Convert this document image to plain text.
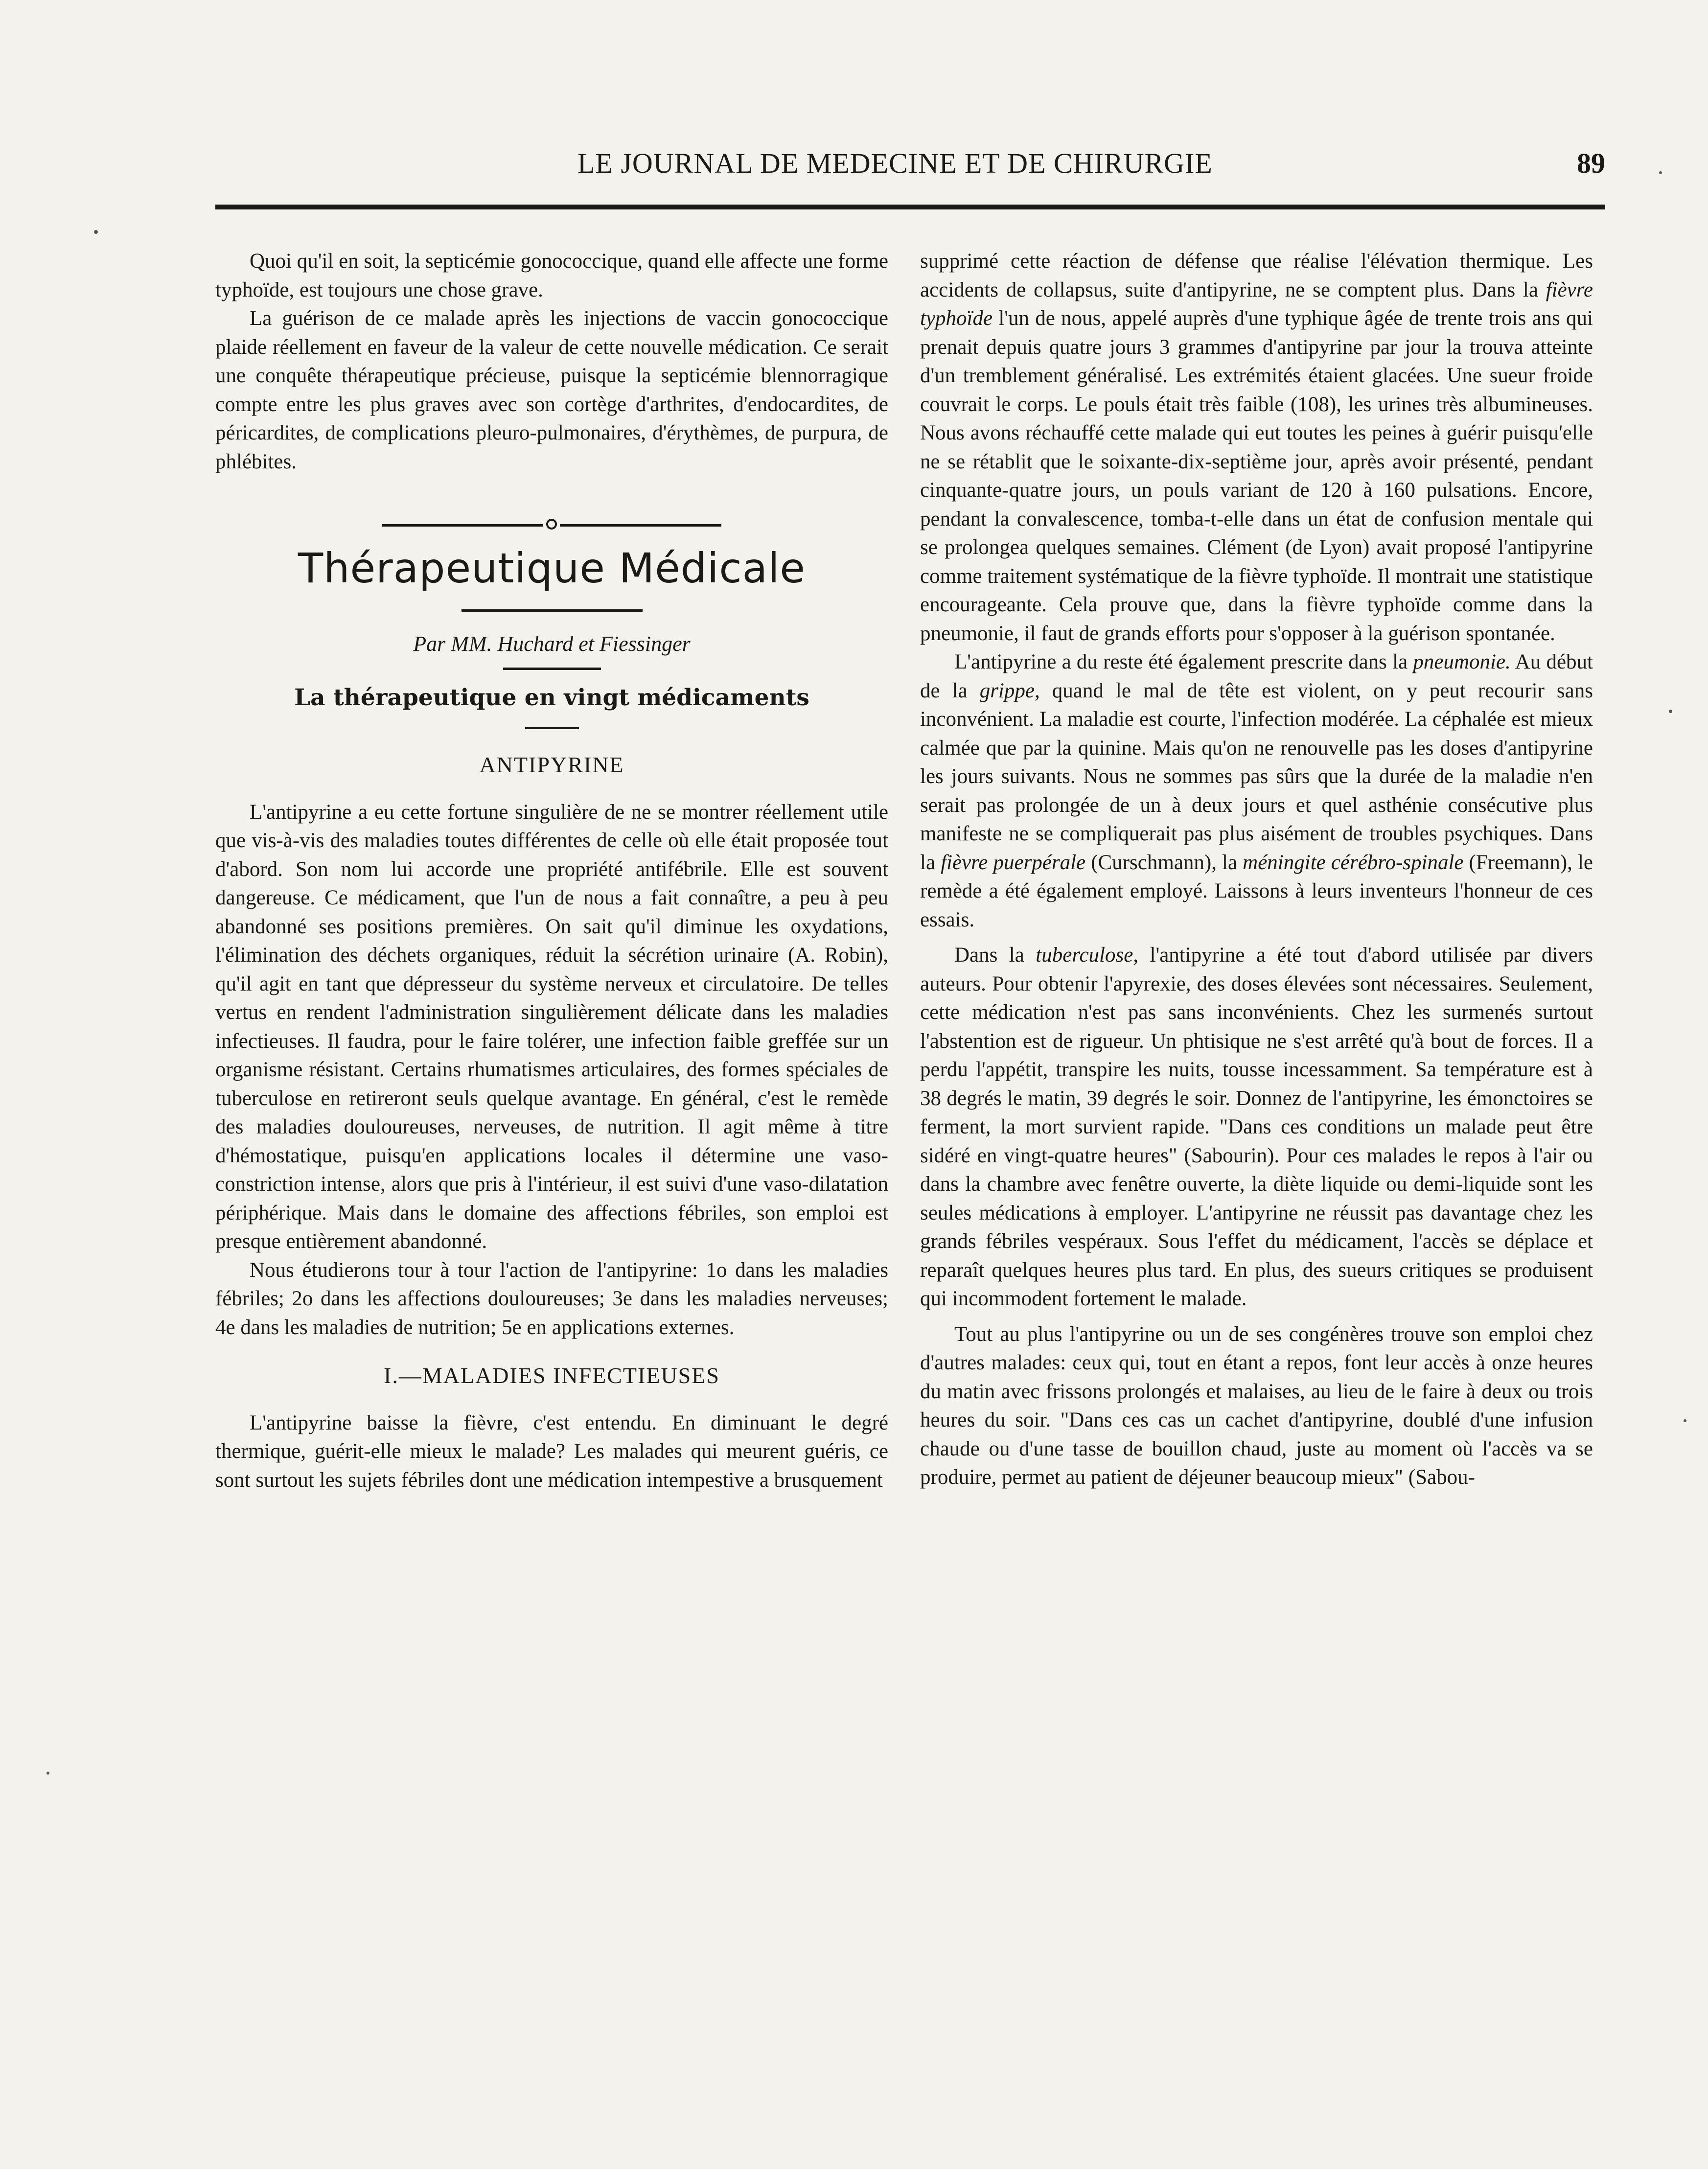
LE JOURNAL DE MEDECINE ET DE CHIRURGIE	89

Quoi qu'il en soit, la septicémie gonococcique, quand elle affecte une forme typhoïde, est toujours une chose grave.

La guérison de ce malade après les injections de vaccin gonococcique plaide réellement en faveur de la valeur de cette nouvelle médication. Ce serait une conquête thérapeutique précieuse, puisque la septicémie blennorragique compte entre les plus graves avec son cortège d'arthrites, d'endocardites, de péricardites, de complications pleuro-pulmonaires, d'érythèmes, de purpura, de phlébites.

Thérapeutique Médicale
Par MM. Huchard et Fiessinger
La thérapeutique en vingt médicaments
ANTIPYRINE

L'antipyrine a eu cette fortune singulière de ne se montrer réellement utile que vis-à-vis des maladies toutes différentes de celle où elle était proposée tout d'abord. Son nom lui accorde une propriété antifébrile. Elle est souvent dangereuse. Ce médicament, que l'un de nous a fait connaître, a peu à peu abandonné ses positions premières. On sait qu'il diminue les oxydations, l'élimination des déchets organiques, réduit la sécrétion urinaire (A. Robin), qu'il agit en tant que dépresseur du système nerveux et circulatoire. De telles vertus en rendent l'administration singulièrement délicate dans les maladies infectieuses. Il faudra, pour le faire tolérer, une infection faible greffée sur un organisme résistant. Certains rhumatismes articulaires, des formes spéciales de tuberculose en retireront seuls quelque avantage. En général, c'est le remède des maladies douloureuses, nerveuses, de nutrition. Il agit même à titre d'hémostatique, puisqu'en applications locales il détermine une vaso-constriction intense, alors que pris à l'intérieur, il est suivi d'une vaso-dilatation périphérique. Mais dans le domaine des affections fébriles, son emploi est presque entièrement abandonné.

Nous étudierons tour à tour l'action de l'antipyrine: 1o dans les maladies fébriles; 2o dans les affections douloureuses; 3e dans les maladies nerveuses; 4e dans les maladies de nutrition; 5e en applications externes.

I.—MALADIES INFECTIEUSES

L'antipyrine baisse la fièvre, c'est entendu. En diminuant le degré thermique, guérit-elle mieux le malade? Les malades qui meurent guéris, ce sont surtout les sujets fébriles dont une médication intempestive a brusquement

supprimé cette réaction de défense que réalise l'élévation thermique. Les accidents de collapsus, suite d'antipyrine, ne se comptent plus. Dans la fièvre typhoïde l'un de nous, appelé auprès d'une typhique âgée de trente trois ans qui prenait depuis quatre jours 3 grammes d'antipyrine par jour la trouva atteinte d'un tremblement généralisé. Les extrémités étaient glacées. Une sueur froide couvrait le corps. Le pouls était très faible (108), les urines très albumineuses. Nous avons réchauffé cette malade qui eut toutes les peines à guérir puisqu'elle ne se rétablit que le soixante-dix-septième jour, après avoir présenté, pendant cinquante-quatre jours, un pouls variant de 120 à 160 pulsations. Encore, pendant la convalescence, tomba-t-elle dans un état de confusion mentale qui se prolongea quelques semaines. Clément (de Lyon) avait proposé l'antipyrine comme traitement systématique de la fièvre typhoïde. Il montrait une statistique encourageante. Cela prouve que, dans la fièvre typhoïde comme dans la pneumonie, il faut de grands efforts pour s'opposer à la guérison spontanée.

L'antipyrine a du reste été également prescrite dans la pneumonie. Au début de la grippe, quand le mal de tête est violent, on y peut recourir sans inconvénient. La maladie est courte, l'infection modérée. La céphalée est mieux calmée que par la quinine. Mais qu'on ne renouvelle pas les doses d'antipyrine les jours suivants. Nous ne sommes pas sûrs que la durée de la maladie n'en serait pas prolongée de un à deux jours et quel asthénie consécutive plus manifeste ne se compliquerait pas plus aisément de troubles psychiques. Dans la fièvre puerpérale (Curschmann), la méningite cérébro-spinale (Freemann), le remède a été également employé. Laissons à leurs inventeurs l'honneur de ces essais.

Dans la tuberculose, l'antipyrine a été tout d'abord utilisée par divers auteurs. Pour obtenir l'apyrexie, des doses élevées sont nécessaires. Seulement, cette médication n'est pas sans inconvénients. Chez les surmenés surtout l'abstention est de rigueur. Un phtisique ne s'est arrêté qu'à bout de forces. Il a perdu l'appétit, transpire les nuits, tousse incessamment. Sa température est à 38 degrés le matin, 39 degrés le soir. Donnez de l'antipyrine, les émonctoires se ferment, la mort survient rapide. "Dans ces conditions un malade peut être sidéré en vingt-quatre heures" (Sabourin). Pour ces malades le repos à l'air ou dans la chambre avec fenêtre ouverte, la diète liquide ou demi-liquide sont les seules médications à employer. L'antipyrine ne réussit pas davantage chez les grands fébriles vespéraux. Sous l'effet du médicament, l'accès se déplace et reparaît quelques heures plus tard. En plus, des sueurs critiques se produisent qui incommodent fortement le malade.

Tout au plus l'antipyrine ou un de ses congénères trouve son emploi chez d'autres malades: ceux qui, tout en étant a repos, font leur accès à onze heures du matin avec frissons prolongés et malaises, au lieu de le faire à deux ou trois heures du soir. "Dans ces cas un cachet d'antipyrine, doublé d'une infusion chaude ou d'une tasse de bouillon chaud, juste au moment où l'accès va se produire, permet au patient de déjeuner beaucoup mieux" (Sabou-
